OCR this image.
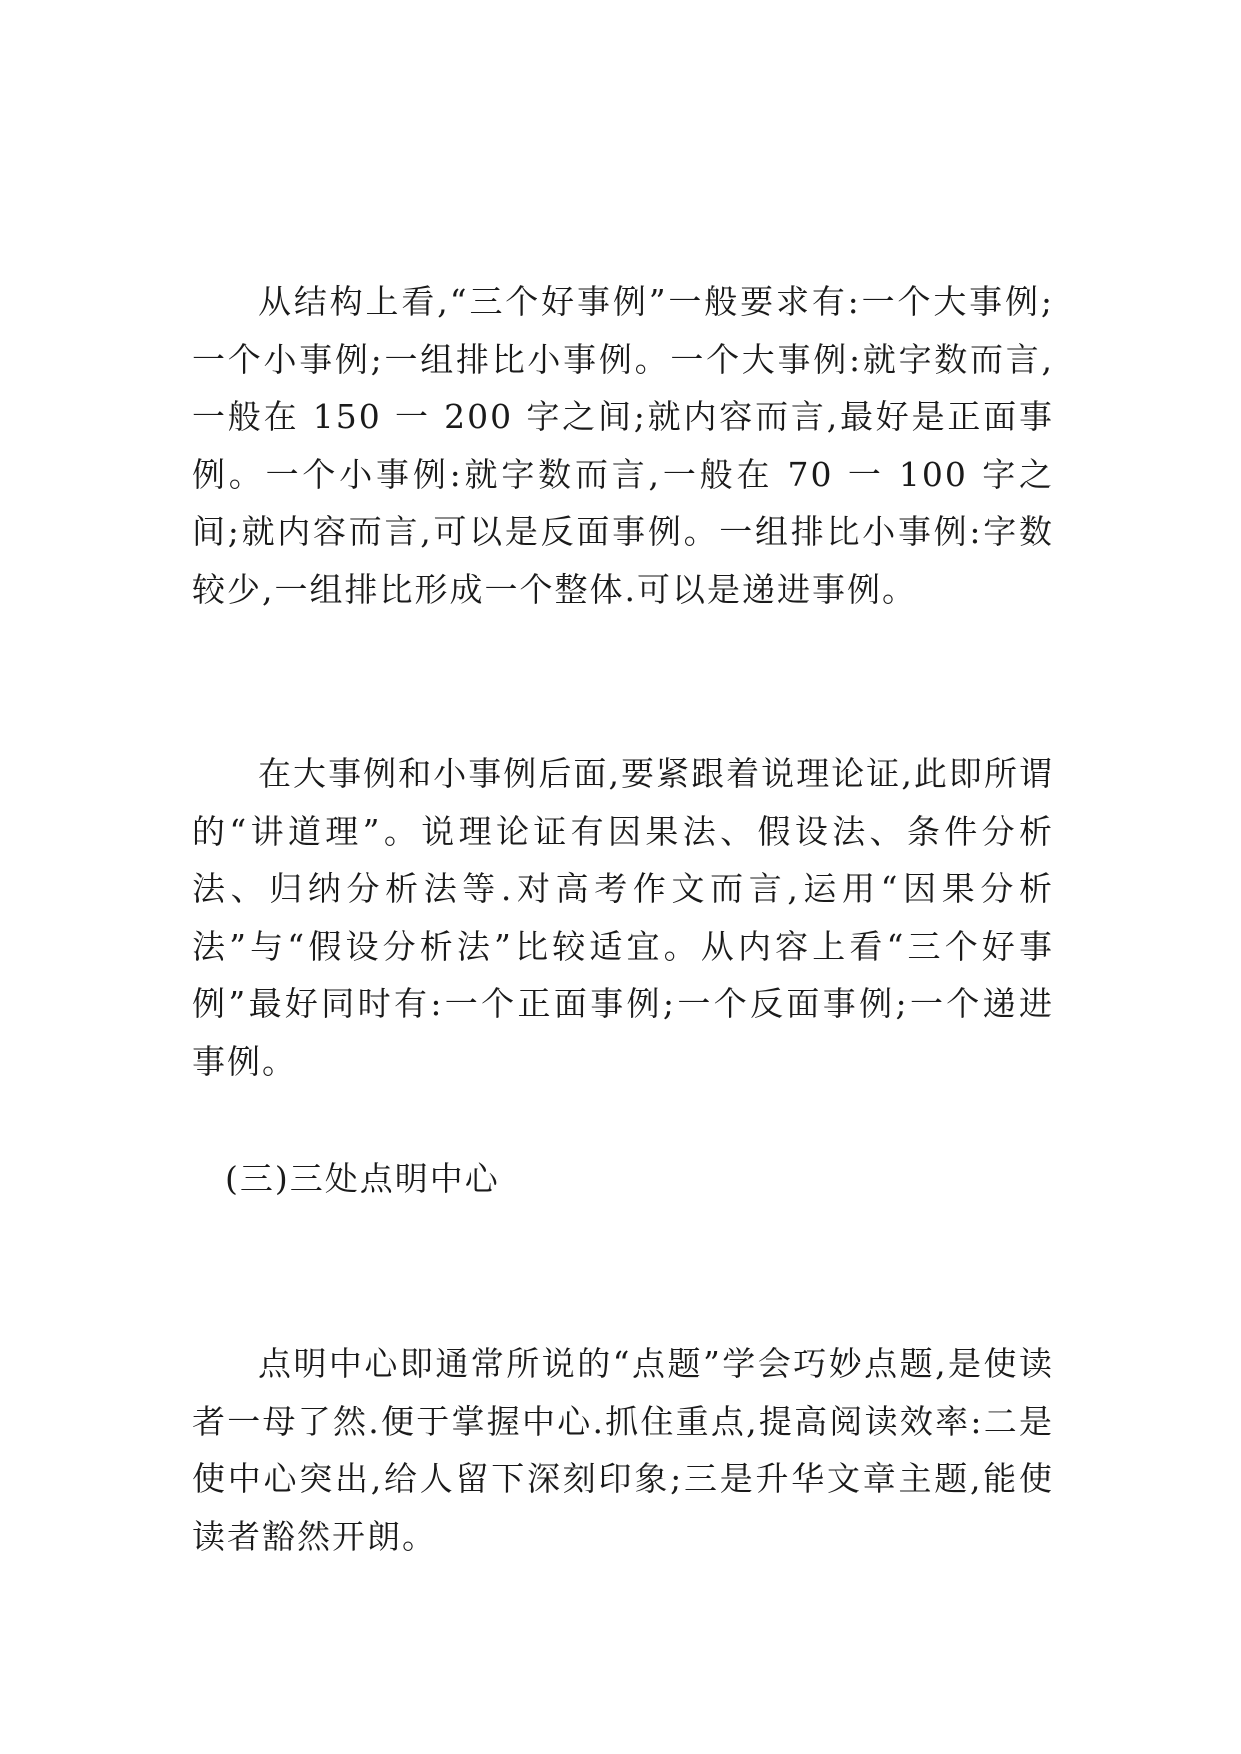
从结构上看,“三个好事例”一般要求有:一个大事例;一个小事例;一组排比小事例。一个大事例:就字数而言,一般在 150 一 200 字之间;就内容而言,最好是正面事例。一个小事例:就字数而言,一般在 70 一 100 字之间;就内容而言,可以是反面事例。一组排比小事例:字数较少,一组排比形成一个整体.可以是递进事例。

在大事例和小事例后面,要紧跟着说理论证,此即所谓的“讲道理”。说理论证有因果法、假设法、条件分析法、归纳分析法等.对高考作文而言,运用“因果分析法”与“假设分析法”比较适宜。从内容上看“三个好事例”最好同时有:一个正面事例;一个反面事例;一个递进事例。

(三)三处点明中心

点明中心即通常所说的“点题”学会巧妙点题,是使读者一母了然.便于掌握中心.抓住重点,提高阅读效率:二是使中心突出,给人留下深刻印象;三是升华文章主题,能使读者豁然开朗。
